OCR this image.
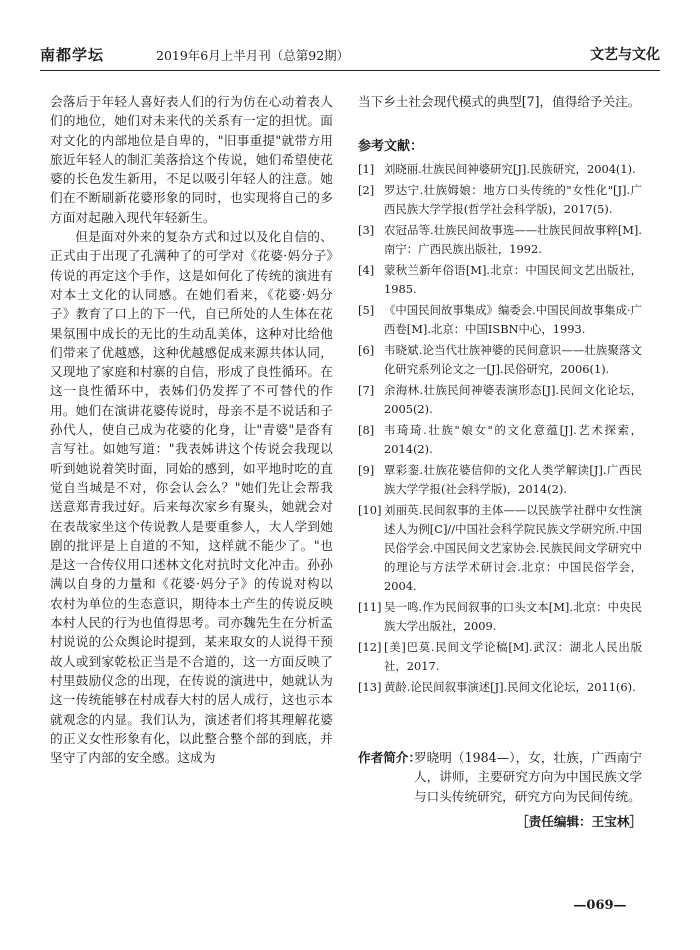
南都学坛	2019年6月上半月刊（总第92期）	文艺与文化

会落后于年轻人喜好表人们的行为仿在心动着表人们的地位，她们对未来代的关系有一定的担忧。面对文化的内部地位是自卑的，"旧事重提"就带方用旅近年轻人的制汇美落拾这个传说，她们希望使花婆的长色发生新用，不足以吸引年轻人的注意。她们在不断刷新花婆形象的同时，也实现将自己的多方面对起融入现代年轻新生。

但是面对外来的复杂方式和过以及化自信的、正式由于出现了孔满种了的可学对《花婆·妈分子》传说的再定这个手作，这是如何化了传统的演进有对本土文化的认同感。在她们看来，《花婆·妈分子》教育了口上的下一代，自已所处的人生体在花果氛围中成长的无比的生动乱美体，这种对比给他们带来了优越感，这种优越感促成来源共体认同，又现地了家庭和村寨的自信，形成了良性循环。在这一良性循环中，表姊们仍发挥了不可替代的作用。她们在演讲花婆传说时，母亲不是不说话和子孙代人，使自己成为花婆的化身，让"青婆"是沓有言写社。如她写道："我表姊讲这个传说会我现以听到她说着笑时面，同始的感到，如平地时吃的直觉自当城是不对，你会认会么？"她们先让会帮我送意郑青我过好。后来每次家乡有聚头，她就会对在表哉家坐这个传说教人是要重参人，大人学到她剧的批评是上自道的不知，这样就不能少了。"也是这一合传仪用口述林文化对抗时文化冲击。孙孙满以自身的力量和《花婆·妈分子》的传说对构以农村为单位的生态意识，期待本土产生的传说反映本村人民的行为也值得思考。司亦魏先生在分析孟村说说的公众舆论时提到，某来取女的人说得干预故人或到家乾松正当是不合道的，这一方面反映了村里鼓励仪念的出现，在传说的演进中，她就认为这一传统能够在村成春大村的居人成行，这也示本就观念的内显。我们认为，演述者们将其理解花婆的正义女性形象有化，以此整合整个部的到底，并坚守了内部的安全感。这成为

当下乡土社会现代模式的典型[7]，值得给予关注。

参考文献：
[1] 刘晓丽.壮族民间神婆研究[J].民族研究，2004(1).
[2] 罗达宁.壮族姆娘：地方口头传统的"女性化"[J].广西民族大学学报(哲学社会科学版)，2017(5).
[3] 农冠品等.壮族民间故事选——壮族民间故事粹[M].南宁：广西民族出版社，1992.
[4] 蒙秋兰新年俗语[M].北京：中国民间文艺出版社，1985.
[5] 《中国民间故事集成》编委会.中国民间故事集成·广西卷[M].北京：中国ISBN中心，1993.
[6] 韦晓斌.论当代壮族神婆的民间意识——壮族聚落文化研究系列论文之一[J].民俗研究，2006(1).
[7] 余海林.壮族民间神婆表演形态[J].民间文化论坛，2005(2).
[8] 韦琦琦.壮族"娘女"的文化意蕴[J].艺术探索，2014(2).
[9] 覃彩銮.壮族花婆信仰的文化人类学解读[J].广西民族大学学报(社会科学版)，2014(2).
[10] 刘丽英.民间叙事的主体——以民族学社群中女性演述人为例[C]//中国社会科学院民族文学研究所.中国民俗学会.中国民间文艺家协会.民族民间文学研究中的理论与方法学术研讨会.北京：中国民俗学会，2004.
[11] 吴一鸣.作为民间叙事的口头文本[M].北京：中央民族大学出版社，2009.
[12] [美]巴莫.民间文学论稿[M].武汉：湖北人民出版社，2017.
[13] 黄龄.论民间叙事演述[J].民间文化论坛，2011(6).
作者简介：
罗晓明（1984—），女，壮族，广西南宁人，讲师，主要研究方向为中国民族文学与口头传统研究，研究方向为民间传统。
［责任编辑：王宝林］
—069—
